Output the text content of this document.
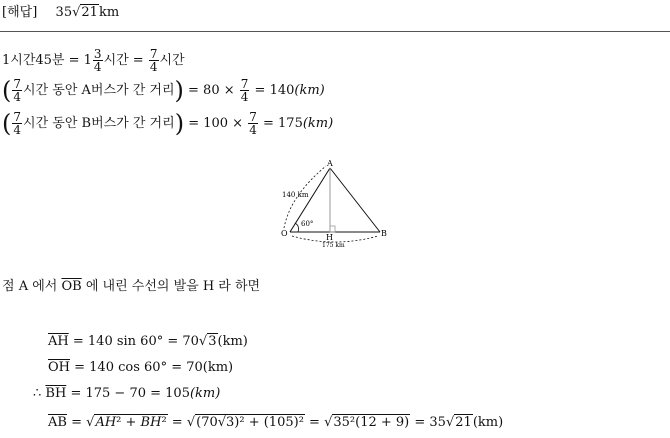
[해답] 35√21km
1시간45분 = $1 \frac{3}{4}$ 시간 = $\frac{7}{4}$ 시간
( $\frac{7}{4}$ 시간 동안 A버스가 간 거리) = $80 \times \frac{7}{4} = 140(km)$
( $\frac{7}{4}$ 시간 동안 B버스가 간 거리) = $100 \times \frac{7}{4} = 175(km)$
A
O	B
H
140 km
60°
175 km
점 A 에서 $\overline{OB}$ 에 내린 수선의 발을 H 라 하면
$\overline{AH} = 140$ sin 60° = 70√3(km)
$\overline{OH} = 140$ cos 60° = 70(km)
∴ $\overline{BH} = 175 - 70 = 105(km)$
$\overline{AB} = √AH^2 + \overline{BH}^2 = √(70√3)^2 + (105)^2 = √35^2(12 + 9) = 35√21(km)$
